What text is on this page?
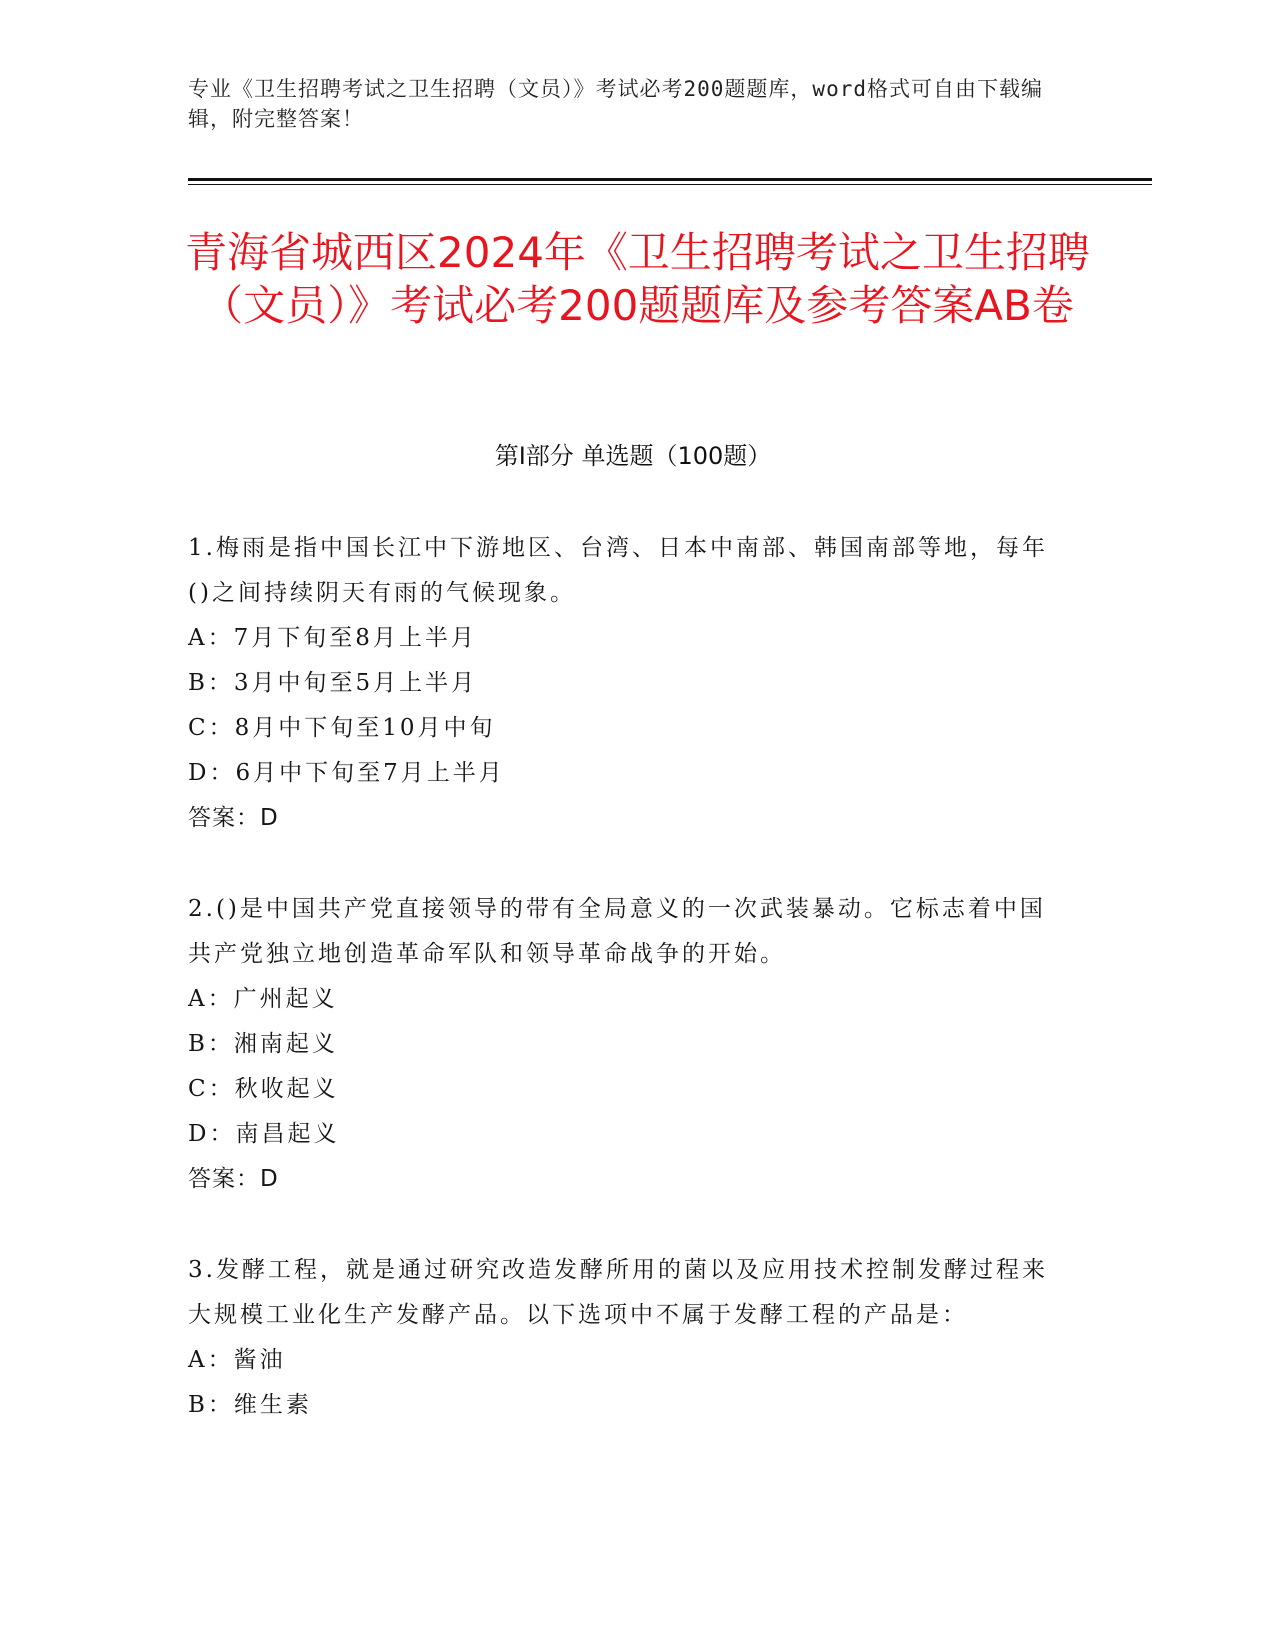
专业《卫生招聘考试之卫生招聘（文员）》考试必考200题题库，word格式可自由下载编辑，附完整答案！
青海省城西区2024年《卫生招聘考试之卫生招聘（文员）》考试必考200题题库及参考答案AB卷
第Ⅰ部分 单选题（100题）
1.梅雨是指中国长江中下游地区、台湾、日本中南部、韩国南部等地，每年()之间持续阴天有雨的气候现象。
A：7月下旬至8月上半月
B：3月中旬至5月上半月
C：8月中下旬至10月中旬
D：6月中下旬至7月上半月
答案：D
2.()是中国共产党直接领导的带有全局意义的一次武装暴动。它标志着中国共产党独立地创造革命军队和领导革命战争的开始。
A：广州起义
B：湘南起义
C：秋收起义
D：南昌起义
答案：D
3.发酵工程，就是通过研究改造发酵所用的菌以及应用技术控制发酵过程来大规模工业化生产发酵产品。以下选项中不属于发酵工程的产品是：
A：酱油
B：维生素
